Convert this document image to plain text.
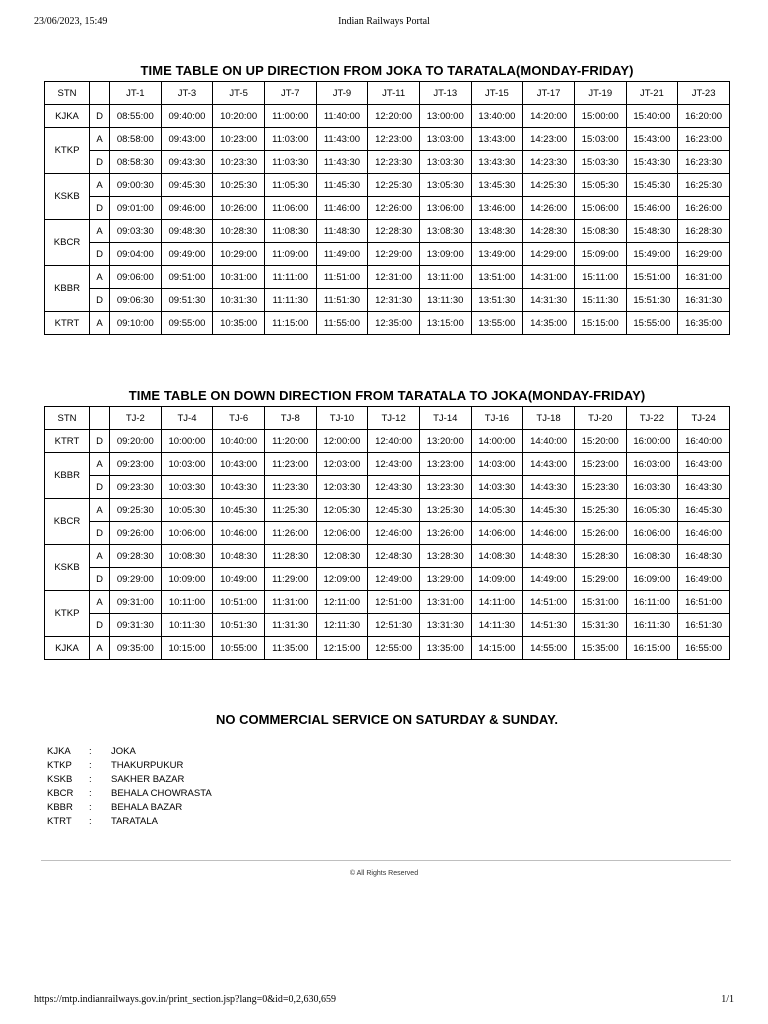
23/06/2023, 15:49	Indian Railways Portal
TIME TABLE ON UP DIRECTION FROM JOKA TO TARATALA(MONDAY-FRIDAY)
STN		JT-1	JT-3	JT-5	JT-7	JT-9	JT-11	JT-13	JT-15	JT-17	JT-19	JT-21	JT-23
KJKA	D	08:55:00	09:40:00	10:20:00	11:00:00	11:40:00	12:20:00	13:00:00	13:40:00	14:20:00	15:00:00	15:40:00	16:20:00
KTKP	A	08:58:00	09:43:00	10:23:00	11:03:00	11:43:00	12:23:00	13:03:00	13:43:00	14:23:00	15:03:00	15:43:00	16:23:00
	D	08:58:30	09:43:30	10:23:30	11:03:30	11:43:30	12:23:30	13:03:30	13:43:30	14:23:30	15:03:30	15:43:30	16:23:30
KSKB	A	09:00:30	09:45:30	10:25:30	11:05:30	11:45:30	12:25:30	13:05:30	13:45:30	14:25:30	15:05:30	15:45:30	16:25:30
	D	09:01:00	09:46:00	10:26:00	11:06:00	11:46:00	12:26:00	13:06:00	13:46:00	14:26:00	15:06:00	15:46:00	16:26:00
KBCR	A	09:03:30	09:48:30	10:28:30	11:08:30	11:48:30	12:28:30	13:08:30	13:48:30	14:28:30	15:08:30	15:48:30	16:28:30
	D	09:04:00	09:49:00	10:29:00	11:09:00	11:49:00	12:29:00	13:09:00	13:49:00	14:29:00	15:09:00	15:49:00	16:29:00
KBBR	A	09:06:00	09:51:00	10:31:00	11:11:00	11:51:00	12:31:00	13:11:00	13:51:00	14:31:00	15:11:00	15:51:00	16:31:00
	D	09:06:30	09:51:30	10:31:30	11:11:30	11:51:30	12:31:30	13:11:30	13:51:30	14:31:30	15:11:30	15:51:30	16:31:30
KTRT	A	09:10:00	09:55:00	10:35:00	11:15:00	11:55:00	12:35:00	13:15:00	13:55:00	14:35:00	15:15:00	15:55:00	16:35:00
TIME TABLE ON DOWN DIRECTION FROM TARATALA TO JOKA(MONDAY-FRIDAY)
STN		TJ-2	TJ-4	TJ-6	TJ-8	TJ-10	TJ-12	TJ-14	TJ-16	TJ-18	TJ-20	TJ-22	TJ-24
KTRT	D	09:20:00	10:00:00	10:40:00	11:20:00	12:00:00	12:40:00	13:20:00	14:00:00	14:40:00	15:20:00	16:00:00	16:40:00
KBBR	A	09:23:00	10:03:00	10:43:00	11:23:00	12:03:00	12:43:00	13:23:00	14:03:00	14:43:00	15:23:00	16:03:00	16:43:00
	D	09:23:30	10:03:30	10:43:30	11:23:30	12:03:30	12:43:30	13:23:30	14:03:30	14:43:30	15:23:30	16:03:30	16:43:30
KBCR	A	09:25:30	10:05:30	10:45:30	11:25:30	12:05:30	12:45:30	13:25:30	14:05:30	14:45:30	15:25:30	16:05:30	16:45:30
	D	09:26:00	10:06:00	10:46:00	11:26:00	12:06:00	12:46:00	13:26:00	14:06:00	14:46:00	15:26:00	16:06:00	16:46:00
KSKB	A	09:28:30	10:08:30	10:48:30	11:28:30	12:08:30	12:48:30	13:28:30	14:08:30	14:48:30	15:28:30	16:08:30	16:48:30
	D	09:29:00	10:09:00	10:49:00	11:29:00	12:09:00	12:49:00	13:29:00	14:09:00	14:49:00	15:29:00	16:09:00	16:49:00
KTKP	A	09:31:00	10:11:00	10:51:00	11:31:00	12:11:00	12:51:00	13:31:00	14:11:00	14:51:00	15:31:00	16:11:00	16:51:00
	D	09:31:30	10:11:30	10:51:30	11:31:30	12:11:30	12:51:30	13:31:30	14:11:30	14:51:30	15:31:30	16:11:30	16:51:30
KJKA	A	09:35:00	10:15:00	10:55:00	11:35:00	12:15:00	12:55:00	13:35:00	14:15:00	14:55:00	15:35:00	16:15:00	16:55:00
NO COMMERCIAL SERVICE ON SATURDAY & SUNDAY.
KJKA	: JOKA
KTKP	: THAKURPUKUR
KSKB	: SAKHER BAZAR
KBCR	: BEHALA CHOWRASTA
KBBR	: BEHALA BAZAR
KTRT	: TARATALA
© All Rights Reserved
https://mtp.indianrailways.gov.in/print_section.jsp?lang=0&id=0,2,630,659	1/1
